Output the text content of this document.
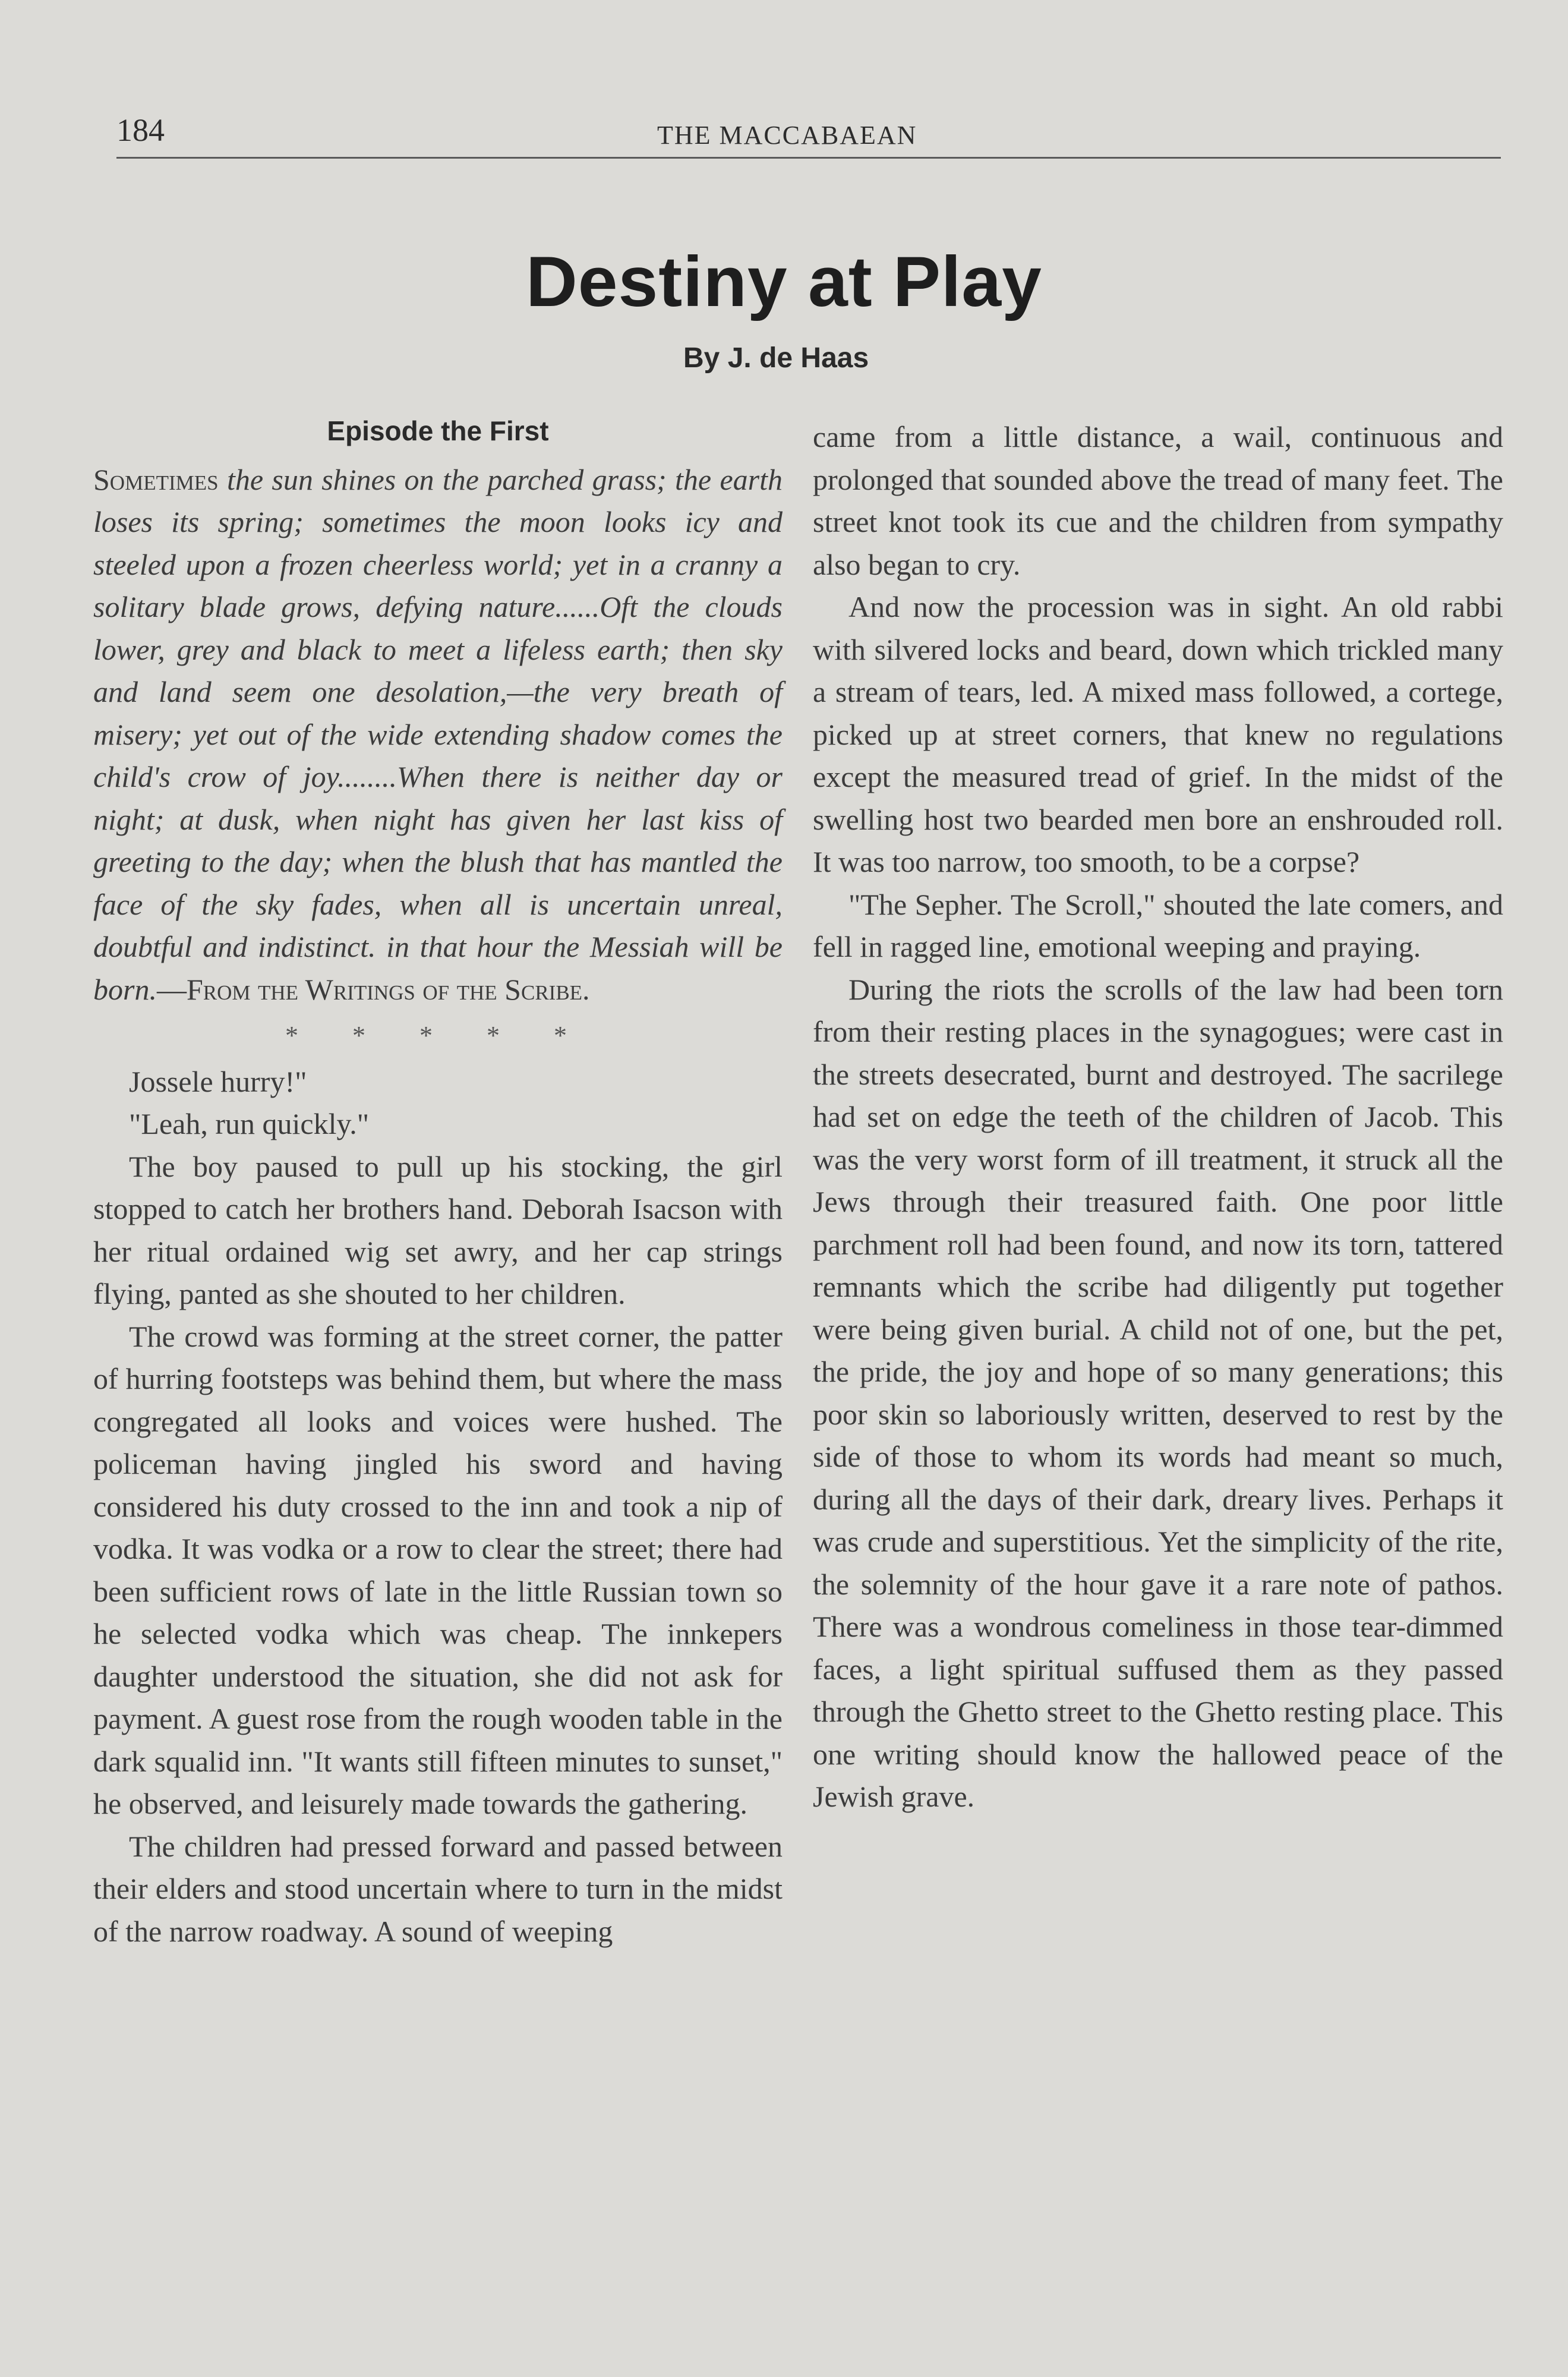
184	THE MACCABAEAN
Destiny at Play
By J. de Haas
Episode the First

Sometimes the sun shines on the parched grass; the earth loses its spring; sometimes the moon looks icy and steeled upon a frozen cheerless world; yet in a cranny a solitary blade grows, defying nature......Oft the clouds lower, grey and black to meet a lifeless earth; then sky and land seem one desolation,—the very breath of misery; yet out of the wide extending shadow comes the child's crow of joy........When there is neither day or night; at dusk, when night has given her last kiss of greeting to the day; when the blush that has mantled the face of the sky fades, when all is uncertain unreal, doubtful and indistinct. in that hour the Messiah will be born.—From the Writings of the Scribe.

* * * * *

Jossele hurry!"

"Leah, run quickly."

The boy paused to pull up his stocking, the girl stopped to catch her brothers hand. Deborah Isacson with her ritual ordained wig set awry, and her cap strings flying, panted as she shouted to her children.

The crowd was forming at the street corner, the patter of hurring footsteps was behind them, but where the mass congregated all looks and voices were hushed. The policeman having jingled his sword and having considered his duty crossed to the inn and took a nip of vodka. It was vodka or a row to clear the street; there had been sufficient rows of late in the little Russian town so he selected vodka which was cheap. The innkepers daughter understood the situation, she did not ask for payment. A guest rose from the rough wooden table in the dark squalid inn. "It wants still fifteen minutes to sunset," he observed, and leisurely made towards the gathering.

The children had pressed forward and passed between their elders and stood uncertain where to turn in the midst of the narrow roadway. A sound of weeping

came from a little distance, a wail, continuous and prolonged that sounded above the tread of many feet. The street knot took its cue and the children from sympathy also began to cry.

And now the procession was in sight. An old rabbi with silvered locks and beard, down which trickled many a stream of tears, led. A mixed mass followed, a cortege, picked up at street corners, that knew no regulations except the measured tread of grief. In the midst of the swelling host two bearded men bore an enshrouded roll. It was too narrow, too smooth, to be a corpse?

"The Sepher. The Scroll," shouted the late comers, and fell in ragged line, emotional weeping and praying.

During the riots the scrolls of the law had been torn from their resting places in the synagogues; were cast in the streets desecrated, burnt and destroyed. The sacrilege had set on edge the teeth of the children of Jacob. This was the very worst form of ill treatment, it struck all the Jews through their treasured faith. One poor little parchment roll had been found, and now its torn, tattered remnants which the scribe had diligently put together were being given burial. A child not of one, but the pet, the pride, the joy and hope of so many generations; this poor skin so laboriously written, deserved to rest by the side of those to whom its words had meant so much, during all the days of their dark, dreary lives. Perhaps it was crude and superstitious. Yet the simplicity of the rite, the solemnity of the hour gave it a rare note of pathos. There was a wondrous comeliness in those tear-dimmed faces, a light spiritual suffused them as they passed through the Ghetto street to the Ghetto resting place. This one writing should know the hallowed peace of the Jewish grave.
